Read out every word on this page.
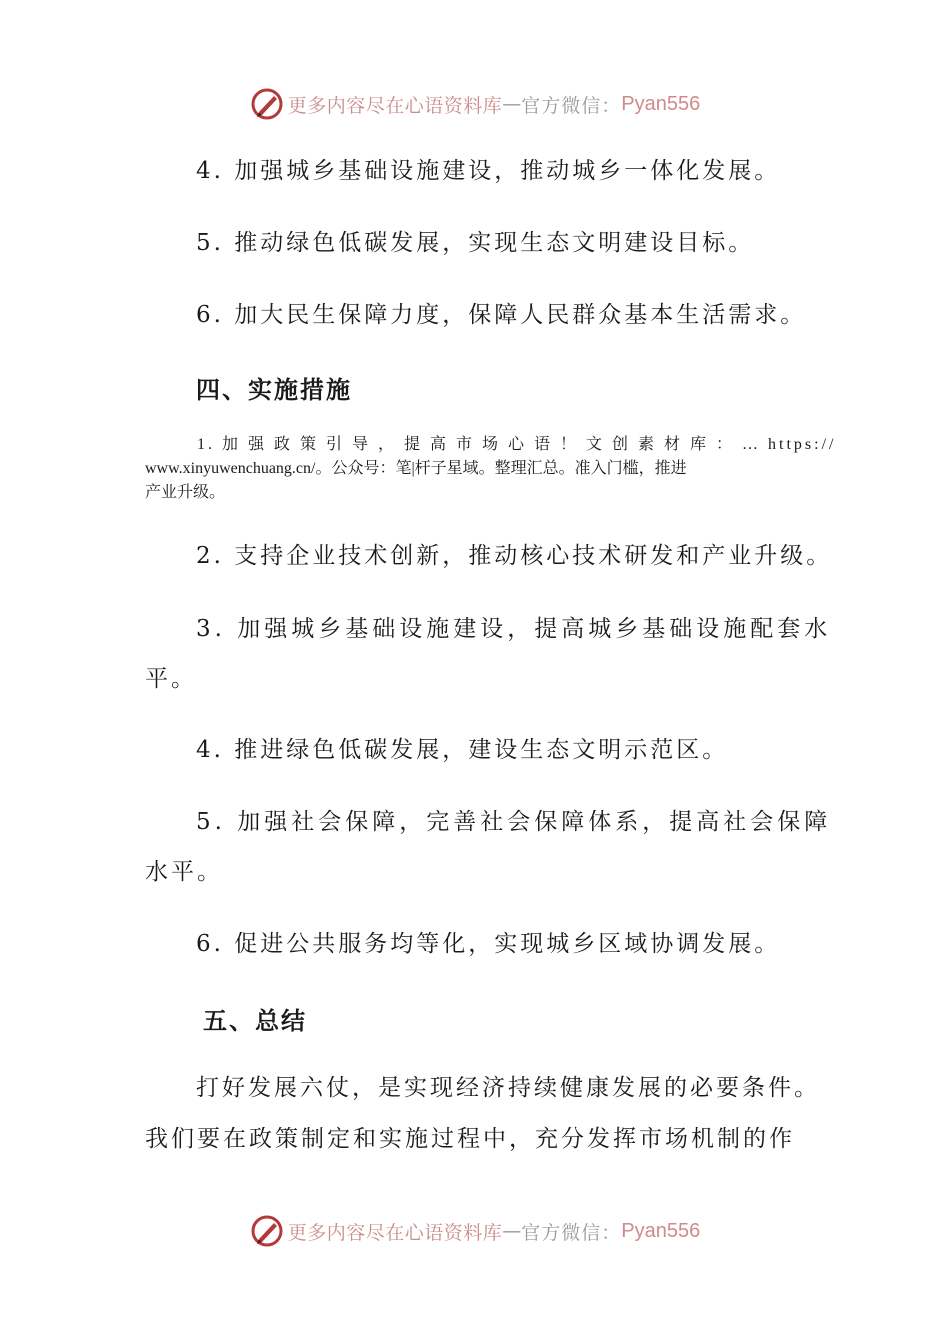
更多内容尽在心语资料库 — 官方微信： Pyan556

4. 加强城乡基础设施建设，推动城乡一体化发展。

5. 推动绿色低碳发展，实现生态文明建设目标。

6. 加大民生保障力度，保障人民群众基本生活需求。

四、实施措施
1. 加 强 政 策 引 导 ， 提 高 市 场 心 语 ！ 文 创 素 材 库 ： … https://
www.xinyuwenchuang.cn/。公众号：笔|杆子星域。整理汇总。准入门槛，推进
产业升级。

2. 支持企业技术创新，推动核心技术研发和产业升级。

3. 加强城乡基础设施建设，提高城乡基础设施配套水

平。

4. 推进绿色低碳发展，建设生态文明示范区。

5. 加强社会保障，完善社会保障体系，提高社会保障

水平。

6. 促进公共服务均等化，实现城乡区域协调发展。

五、总结

打好发展六仗，是实现经济持续健康发展的必要条件。

我们要在政策制定和实施过程中，充分发挥市场机制的作

更多内容尽在心语资料库 — 官方微信： Pyan556
